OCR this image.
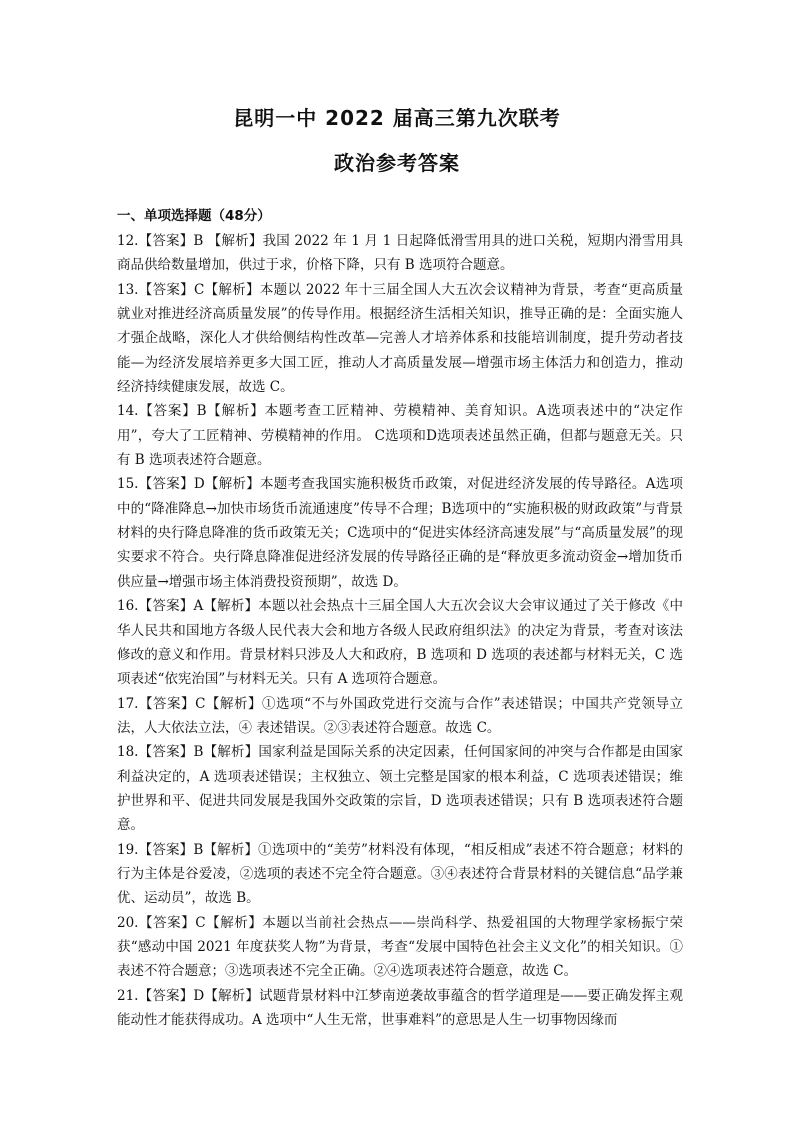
昆明一中 2022 届高三第九次联考
政治参考答案
一、单项选择题（48分）

12.【答案】B 【解析】我国 2022 年 1 月 1 日起降低滑雪用具的进口关税，短期内滑雪用具商品供给数量增加，供过于求，价格下降，只有 B 选项符合题意。

13.【答案】C【解析】本题以 2022 年十三届全国人大五次会议精神为背景，考查“更高质量就业对推进经济高质量发展”的传导作用。根据经济生活相关知识，推导正确的是：全面实施人才强企战略，深化人才供给侧结构性改革—完善人才培养体系和技能培训制度，提升劳动者技能—为经济发展培养更多大国工匠，推动人才高质量发展—增强市场主体活力和创造力，推动经济持续健康发展，故选 C。

14.【答案】B【解析】本题考查工匠精神、劳模精神、美育知识。A选项表述中的“决定作用”，夸大了工匠精神、劳模精神的作用。 C选项和D选项表述虽然正确，但都与题意无关。只有 B 选项表述符合题意。

15.【答案】D【解析】本题考查我国实施积极货币政策，对促进经济发展的传导路径。A选项中的“降准降息→加快市场货币流通速度”传导不合理；B选项中的“实施积极的财政政策”与背景材料的央行降息降准的货币政策无关；C选项中的“促进实体经济高速发展”与“高质量发展”的现实要求不符合。央行降息降准促进经济发展的传导路径正确的是“释放更多流动资金→增加货币供应量→增强市场主体消费投资预期”，故选 D。

16.【答案】A【解析】本题以社会热点十三届全国人大五次会议大会审议通过了关于修改《中华人民共和国地方各级人民代表大会和地方各级人民政府组织法》的决定为背景，考查对该法修改的意义和作用。背景材料只涉及人大和政府，B 选项和 D 选项的表述都与材料无关，C 选项表述“依宪治国”与材料无关。只有 A 选项符合题意。

17.【答案】C【解析】①选项“不与外国政党进行交流与合作”表述错误；中国共产党领导立法，人大依法立法，④ 表述错误。②③表述符合题意。故选 C。

18.【答案】B【解析】国家利益是国际关系的决定因素，任何国家间的冲突与合作都是由国家利益决定的，A 选项表述错误；主权独立、领土完整是国家的根本利益，C 选项表述错误；维护世界和平、促进共同发展是我国外交政策的宗旨，D 选项表述错误；只有 B 选项表述符合题意。

19.【答案】B【解析】①选项中的“美劳”材料没有体现，“相反相成”表述不符合题意；材料的行为主体是谷爱凌，②选项的表述不完全符合题意。③④表述符合背景材料的关键信息“品学兼优、运动员”，故选 B。

20.【答案】C【解析】本题以当前社会热点——崇尚科学、热爱祖国的大物理学家杨振宁荣获“感动中国 2021 年度获奖人物”为背景，考查“发展中国特色社会主义文化”的相关知识。①表述不符合题意；③选项表述不完全正确。②④选项表述符合题意，故选 C。

21.【答案】D【解析】试题背景材料中江梦南逆袭故事蕴含的哲学道理是——要正确发挥主观能动性才能获得成功。A 选项中“人生无常，世事难料”的意思是人生一切事物因缘而
